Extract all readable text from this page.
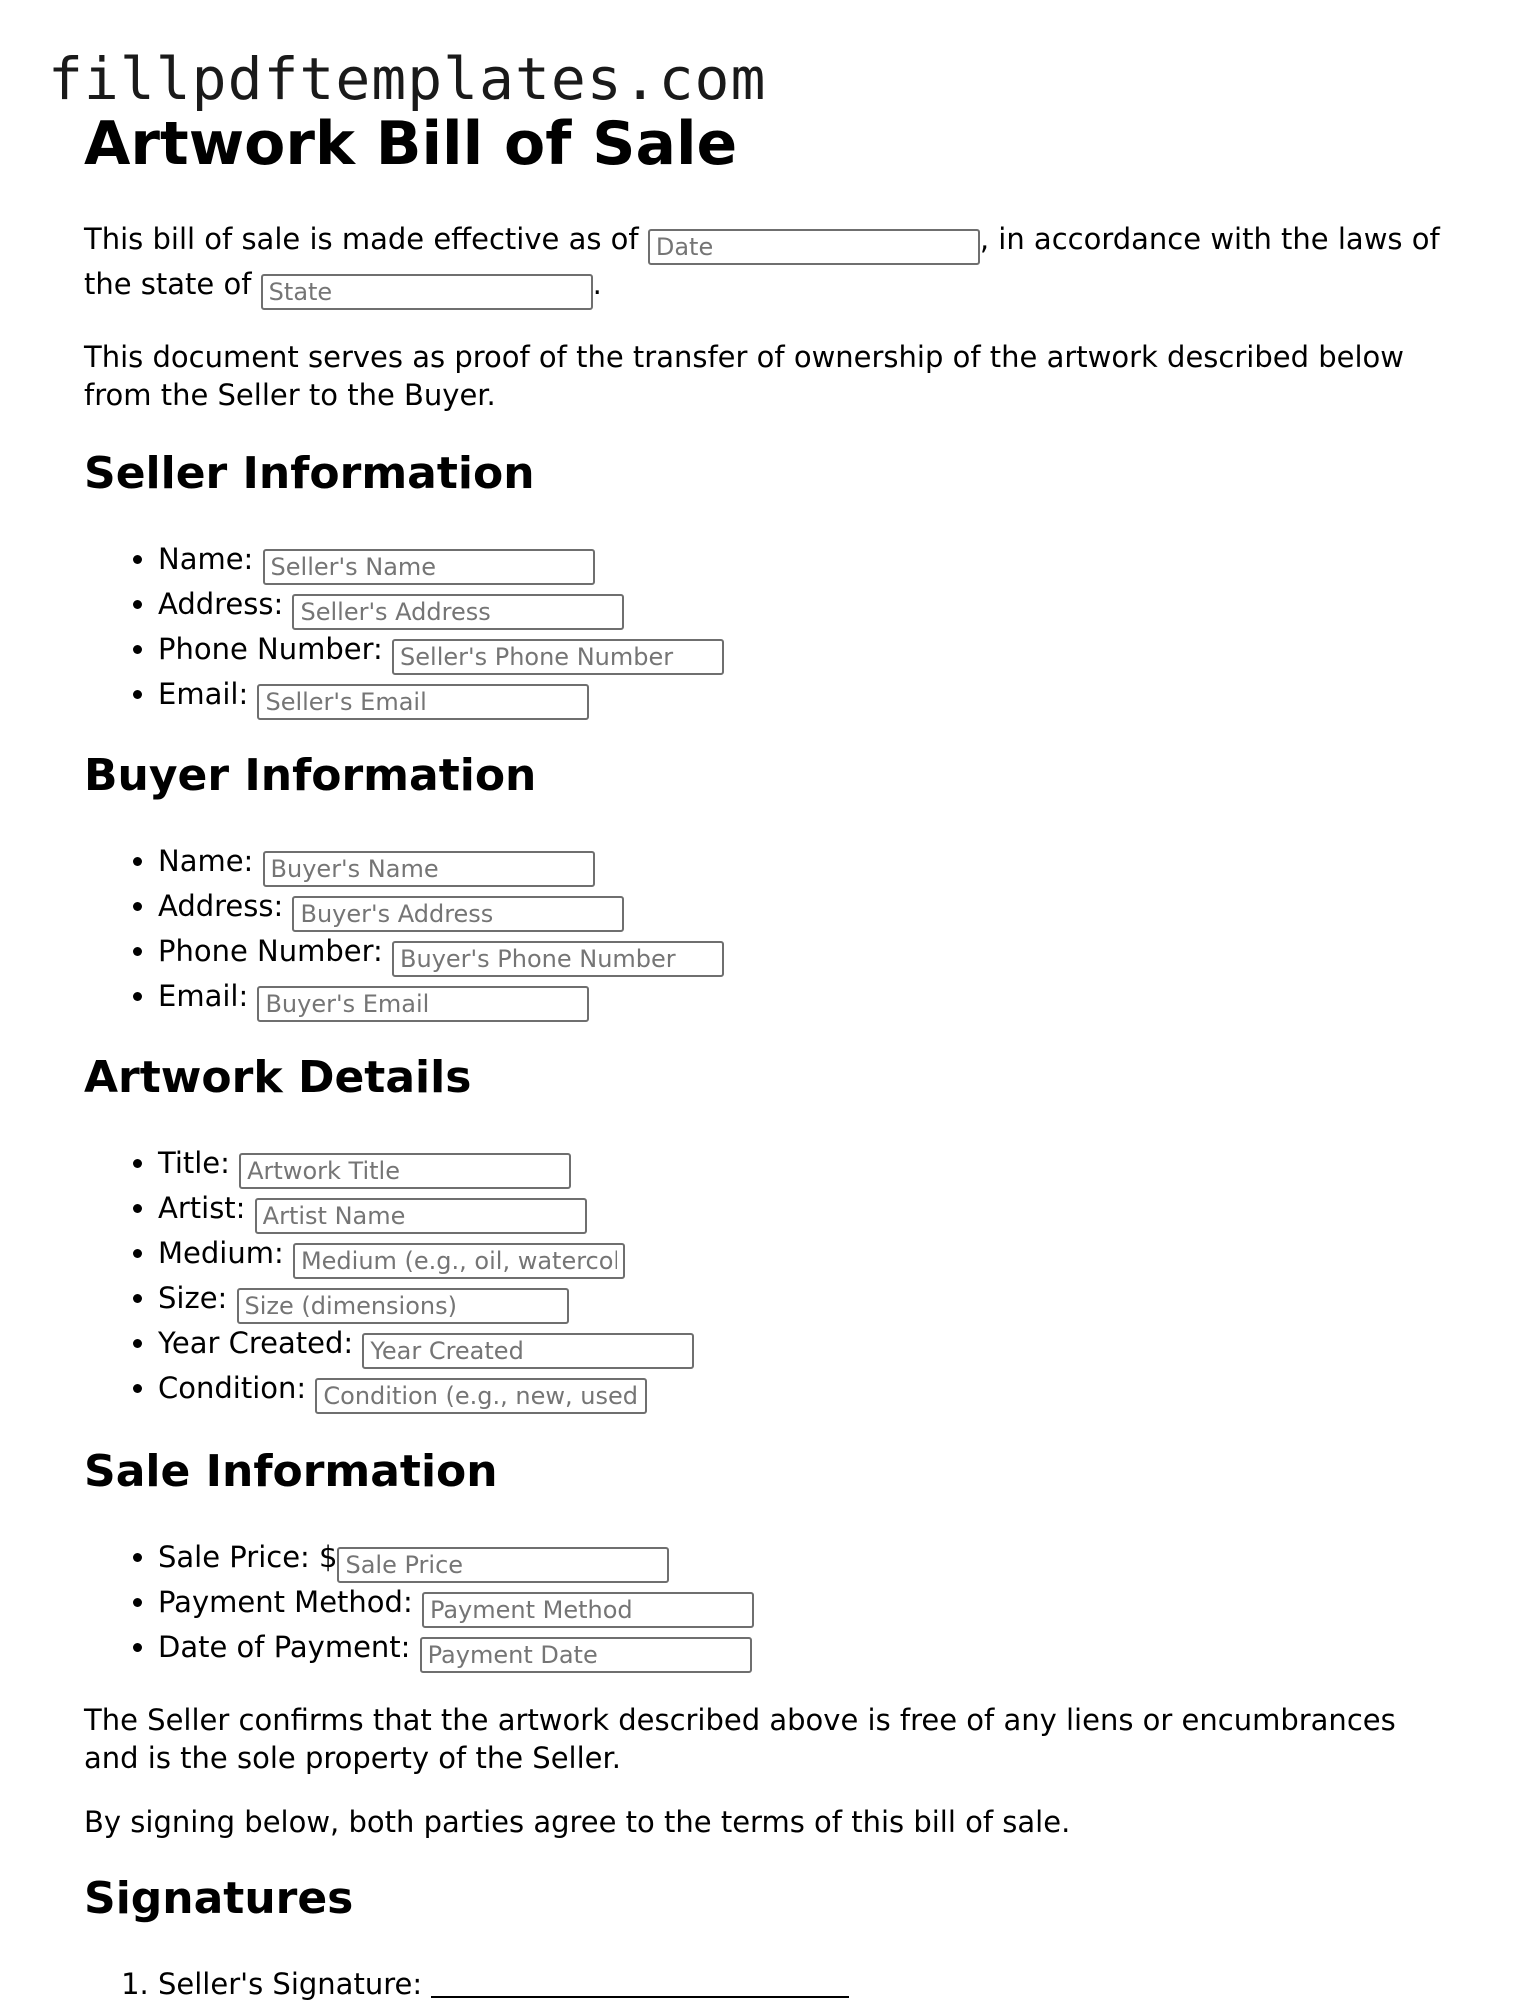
fillpdftemplates.com
Artwork Bill of Sale

This bill of sale is made effective as of Date	, in accordance with the laws of the state of State	.

This document serves as proof of the transfer of ownership of the artwork described below from the Seller to the Buyer.

Seller Information
• Name: Seller's Name
• Address: Seller's Address
• Phone Number: Seller's Phone Number
• Email: Seller's Email
Buyer Information
• Name: Buyer's Name
• Address: Buyer's Address
• Phone Number: Buyer's Phone Number
• Email: Buyer's Email
Artwork Details
• Title: Artwork Title
• Artist: Artist Name
• Medium: Medium (e.g., oil, watercolor)
• Size: Size (dimensions)
• Year Created: Year Created
• Condition: Condition (e.g., new, used)
Sale Information
• Sale Price: $Sale Price
• Payment Method: Payment Method
• Date of Payment: Payment Date

The Seller confirms that the artwork described above is free of any liens or encumbrances and is the sole property of the Seller.

By signing below, both parties agree to the terms of this bill of sale.

Signatures
1. Seller's Signature:
